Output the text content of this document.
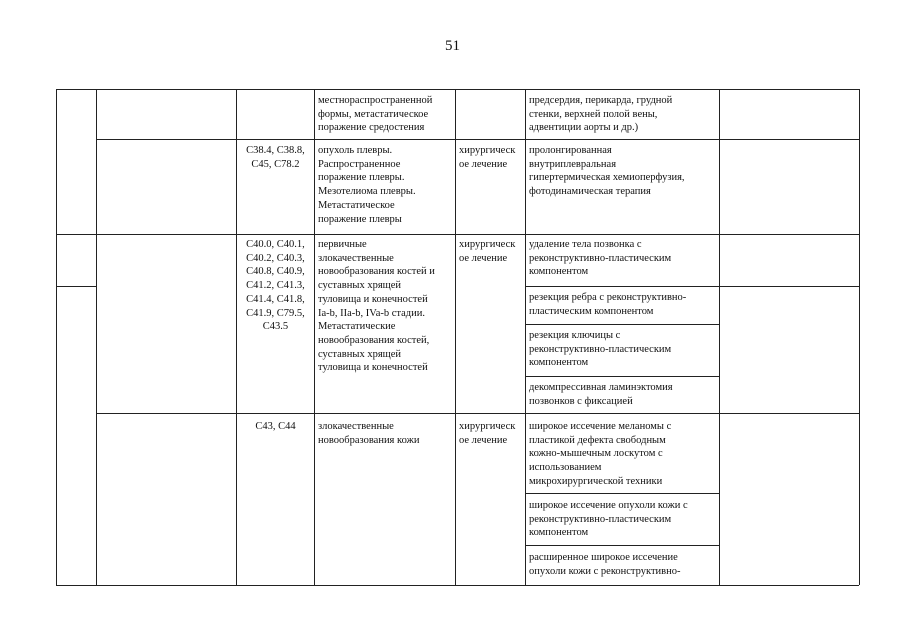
51
местнораспространенной
формы, метастатическое
поражение средостения
предсердия, перикарда, грудной
стенки, верхней полой вены,
адвентиции аорты и др.)
C38.4, C38.8,
C45, C78.2
опухоль плевры.
Распространенное
поражение плевры.
Мезотелиома плевры.
Метастатическое
поражение плевры
хирургическ
ое лечение
пролонгированная
внутриплевральная
гипертермическая хемиоперфузия,
фотодинамическая терапия
C40.0, C40.1,
C40.2, C40.3,
C40.8, C40.9,
C41.2, C41.3,
C41.4, C41.8,
C41.9, C79.5,
C43.5
первичные
злокачественные
новообразования костей и
суставных хрящей
туловища и конечностей
Ia-b, IIa-b, IVa-b стадии.
Метастатические
новообразования костей,
суставных хрящей
туловища и конечностей
хирургическ
ое лечение
удаление тела позвонка с
реконструктивно-пластическим
компонентом
резекция ребра с реконструктивно-
пластическим компонентом
резекция ключицы с
реконструктивно-пластическим
компонентом
декомпрессивная ламинэктомия
позвонков с фиксацией
C43, C44	злокачественные
новообразования кожи
хирургическ
ое лечение
широкое иссечение меланомы с
пластикой дефекта свободным
кожно-мышечным лоскутом с
использованием
микрохирургической техники
широкое иссечение опухоли кожи с
реконструктивно-пластическим
компонентом
расширенное широкое иссечение
опухоли кожи с реконструктивно-
